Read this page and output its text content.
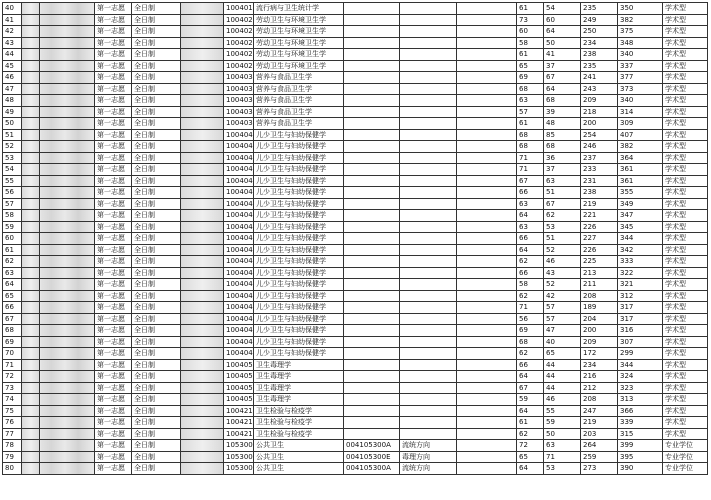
40			第一志愿	全日制		100401	流行病与卫生统计学				61	54	235	350	学术型
41			第一志愿	全日制		100402	劳动卫生与环境卫生学				73	60	249	382	学术型
42			第一志愿	全日制		100402	劳动卫生与环境卫生学				60	64	250	375	学术型
43			第一志愿	全日制		100402	劳动卫生与环境卫生学				58	50	234	348	学术型
44			第一志愿	全日制		100402	劳动卫生与环境卫生学				61	41	238	340	学术型
45			第一志愿	全日制		100402	劳动卫生与环境卫生学				65	37	235	337	学术型
46			第一志愿	全日制		100403	营养与食品卫生学				69	67	241	377	学术型
47			第一志愿	全日制		100403	营养与食品卫生学				68	64	243	373	学术型
48			第一志愿	全日制		100403	营养与食品卫生学				63	68	209	340	学术型
49			第一志愿	全日制		100403	营养与食品卫生学				57	39	218	314	学术型
50			第一志愿	全日制		100403	营养与食品卫生学				61	48	200	309	学术型
51			第一志愿	全日制		100404	儿少卫生与妇幼保健学				68	85	254	407	学术型
52			第一志愿	全日制		100404	儿少卫生与妇幼保健学				68	68	246	382	学术型
53			第一志愿	全日制		100404	儿少卫生与妇幼保健学				71	36	237	364	学术型
54			第一志愿	全日制		100404	儿少卫生与妇幼保健学				71	37	233	361	学术型
55			第一志愿	全日制		100404	儿少卫生与妇幼保健学				67	63	231	361	学术型
56			第一志愿	全日制		100404	儿少卫生与妇幼保健学				66	51	238	355	学术型
57			第一志愿	全日制		100404	儿少卫生与妇幼保健学				63	67	219	349	学术型
58			第一志愿	全日制		100404	儿少卫生与妇幼保健学				64	62	221	347	学术型
59			第一志愿	全日制		100404	儿少卫生与妇幼保健学				63	53	226	345	学术型
60			第一志愿	全日制		100404	儿少卫生与妇幼保健学				66	51	227	344	学术型
61			第一志愿	全日制		100404	儿少卫生与妇幼保健学				64	52	226	342	学术型
62			第一志愿	全日制		100404	儿少卫生与妇幼保健学				62	46	225	333	学术型
63			第一志愿	全日制		100404	儿少卫生与妇幼保健学				66	43	213	322	学术型
64			第一志愿	全日制		100404	儿少卫生与妇幼保健学				58	52	211	321	学术型
65			第一志愿	全日制		100404	儿少卫生与妇幼保健学				62	42	208	312	学术型
66			第一志愿	全日制		100404	儿少卫生与妇幼保健学				71	57	189	317	学术型
67			第一志愿	全日制		100404	儿少卫生与妇幼保健学				56	57	204	317	学术型
68			第一志愿	全日制		100404	儿少卫生与妇幼保健学				69	47	200	316	学术型
69			第一志愿	全日制		100404	儿少卫生与妇幼保健学				68	40	209	307	学术型
70			第一志愿	全日制		100404	儿少卫生与妇幼保健学				62	65	172	299	学术型
71			第一志愿	全日制		100405	卫生毒理学				66	44	234	344	学术型
72			第一志愿	全日制		100405	卫生毒理学				64	44	216	324	学术型
73			第一志愿	全日制		100405	卫生毒理学				67	44	212	323	学术型
74			第一志愿	全日制		100405	卫生毒理学				59	46	208	313	学术型
75			第一志愿	全日制		100421	卫生检验与检疫学				64	55	247	366	学术型
76			第一志愿	全日制		100421	卫生检验与检疫学				61	59	219	339	学术型
77			第一志愿	全日制		100421	卫生检验与检疫学				62	50	203	315	学术型
78			第一志愿	全日制		105300	公共卫生	004105300A	流统方向		72	63	264	399	专业学位
79			第一志愿	全日制		105300	公共卫生	004105300E	毒理方向		65	71	259	395	专业学位
80			第一志愿	全日制		105300	公共卫生	004105300A	流统方向		64	53	273	390	专业学位
